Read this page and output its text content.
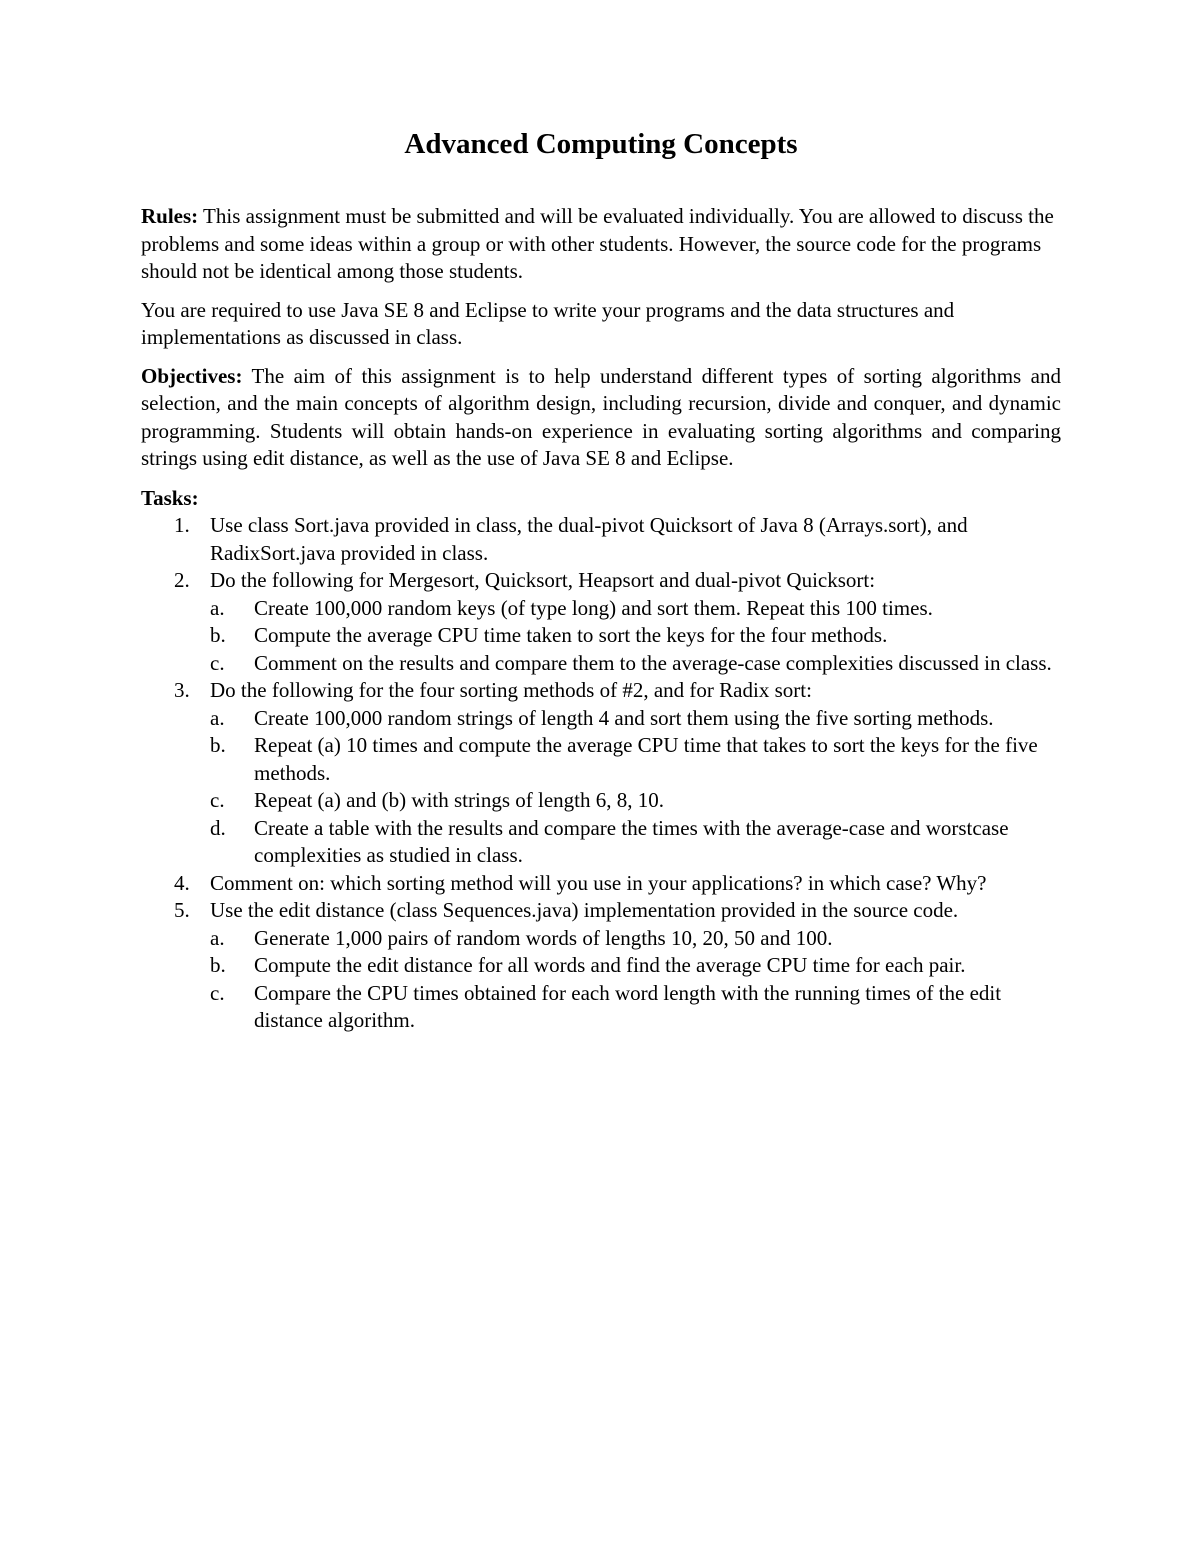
Advanced Computing Concepts

Rules: This assignment must be submitted and will be evaluated individually. You are allowed to discuss the problems and some ideas within a group or with other students. However, the source code for the programs should not be identical among those students.

You are required to use Java SE 8 and Eclipse to write your programs and the data structures and implementations as discussed in class.

Objectives: The aim of this assignment is to help understand different types of sorting algorithms and selection, and the main concepts of algorithm design, including recursion, divide and conquer, and dynamic programming. Students will obtain hands-on experience in evaluating sorting algorithms and comparing strings using edit distance, as well as the use of Java SE 8 and Eclipse.

Tasks:
1. Use class Sort.java provided in class, the dual-pivot Quicksort of Java 8 (Arrays.sort), and RadixSort.java provided in class.
2. Do the following for Mergesort, Quicksort, Heapsort and dual-pivot Quicksort:
a. Create 100,000 random keys (of type long) and sort them. Repeat this 100 times.
b. Compute the average CPU time taken to sort the keys for the four methods.
c. Comment on the results and compare them to the average-case complexities discussed in class.
3. Do the following for the four sorting methods of #2, and for Radix sort:
a. Create 100,000 random strings of length 4 and sort them using the five sorting methods.
b. Repeat (a) 10 times and compute the average CPU time that takes to sort the keys for the five methods.
c. Repeat (a) and (b) with strings of length 6, 8, 10.
d. Create a table with the results and compare the times with the average-case and worstcase complexities as studied in class.
4. Comment on: which sorting method will you use in your applications? in which case? Why?
5. Use the edit distance (class Sequences.java) implementation provided in the source code.
a. Generate 1,000 pairs of random words of lengths 10, 20, 50 and 100.
b. Compute the edit distance for all words and find the average CPU time for each pair.
c. Compare the CPU times obtained for each word length with the running times of the edit distance algorithm.
